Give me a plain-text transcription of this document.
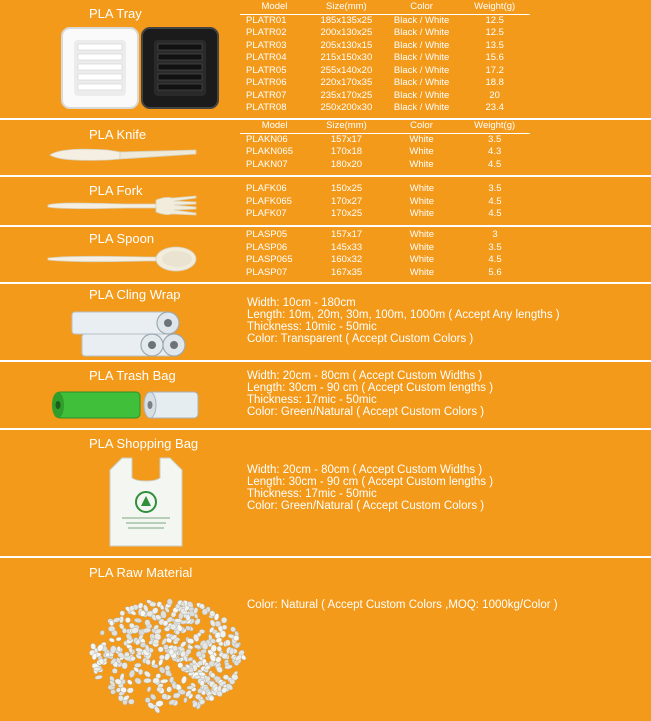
PLA Tray	Model	Size(mm)	Color	Weight(g)
PLATR01	185x135x25	Black / White	12.5
PLATR02	200x130x25	Black / White	12.5
PLATR03	205x130x15	Black / White	13.5
PLATR04	215x150x30	Black / White	15.6
PLATR05	255x140x20	Black / White	17.2
PLATR06	220x170x35	Black / White	18.8
PLATR07	235x170x25	Black / White	20
PLATR08	250x200x30	Black / White	23.4
PLA Knife
Model	Size(mm)	Color	Weight(g)
PLAKN06	157x17	White	3.5
PLAKN065	170x18	White	4.3
PLAKN07	180x20	White	4.5
PLA Fork	PLAFK06	150x25	White	3.5
PLAFK065	170x27	White	4.5
PLAFK07	170x25	White	4.5
PLA Spoon	PLASP05	157x17	White	3
PLASP06	145x33	White	3.5
PLASP065	160x32	White	4.5
PLASP07	167x35	White	5.6
PLA Cling Wrap
Width: 10cm - 180cm
Length: 10m, 20m, 30m, 100m, 1000m ( Accept Any lengths )
Thickness: 10mic - 50mic
Color: Transparent ( Accept Custom Colors )
PLA Trash Bag	Width: 20cm - 80cm ( Accept Custom Widths )
Length: 30cm - 90 cm ( Accept Custom lengths )
Thickness: 17mic - 50mic
Color: Green/Natural ( Accept Custom Colors )
PLA Shopping Bag
Width: 20cm - 80cm ( Accept Custom Widths )
Length: 30cm - 90 cm ( Accept Custom lengths )
Thickness: 17mic - 50mic
Color: Green/Natural ( Accept Custom Colors )
PLA Raw Material
Color: Natural ( Accept Custom Colors ,MOQ: 1000kg/Color )
